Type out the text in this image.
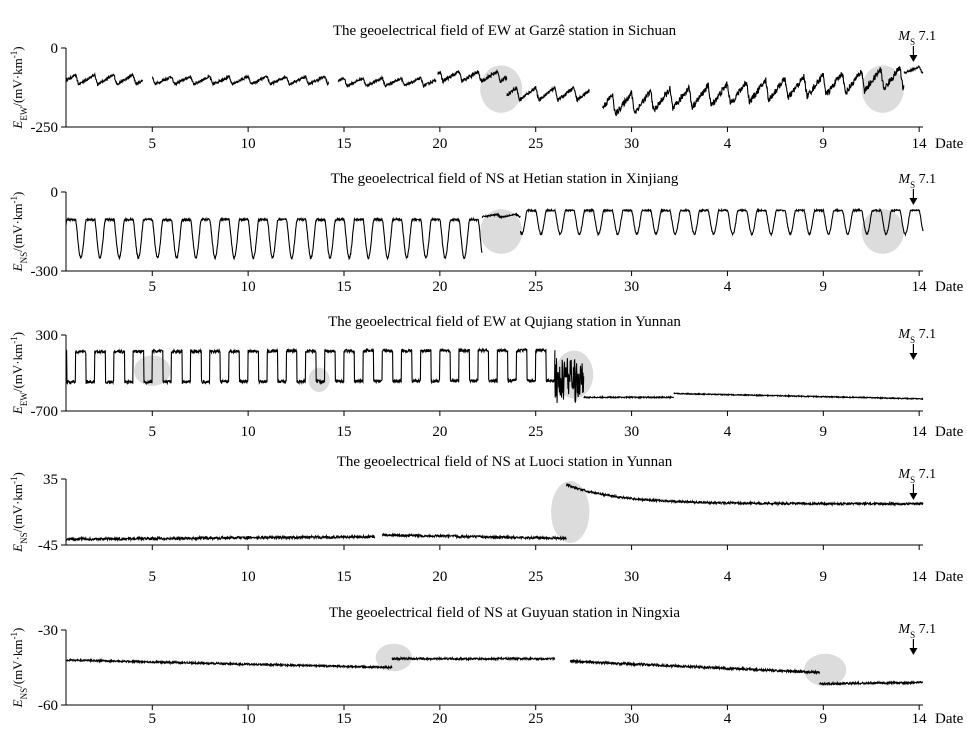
The geoelectrical field of EW at Garzê station in Sichuan
0
-250
$E_{EW}/(mV\cdot km^{-1})$
5	10	15	20	25	30	4	9	14 Date
$M_S$ 7.1
The geoelectrical field of NS at Hetian station in Xinjiang
0
-300
$E_{NS}/(mV\cdot km^{-1})$
5	10	15	20	25	30	4	9	14 Date
$M_S$ 7.1
The geoelectrical field of EW at Qujiang station in Yunnan
300
-700
$E_{EW}/(mV\cdot km^{-1})$
5	10	15	20	25	30	4	9	14 Date
$M_S$ 7.1
The geoelectrical field of NS at Luoci station in Yunnan
35
-45
$E_{NS}/(mV\cdot km^{-1})$
5	10	15	20	25	30	4	9	14 Date
$M_S$ 7.1
The geoelectrical field of NS at Guyuan station in Ningxia
-30
-60
$E_{NS}/(mV\cdot km^{-1})$
5	10	15	20	25	30	4	9	14 Date
$M_S$ 7.1
